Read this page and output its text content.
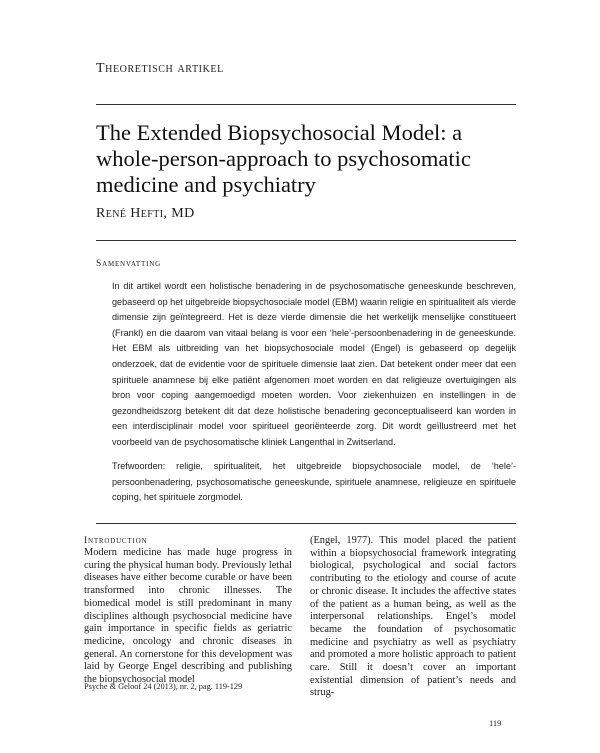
Theoretisch artikel
The Extended Biopsychosocial Model: a whole-person-approach to psychosomatic medicine and psychiatry
René Hefti, MD
Samenvatting

In dit artikel wordt een holistische benadering in de psychosomatische geneeskunde beschreven, gebaseerd op het uitgebreide biopsychosociale model (EBM) waarin religie en spiritualiteit als vierde dimensie zijn geïntegreerd. Het is deze vierde dimensie die het werkelijk menselijke constitueert (Frankl) en die daarom van vitaal belang is voor een ‘hele’-persoonbenadering in de geneeskunde. Het EBM als uitbreiding van het biopsychosociale model (Engel) is gebaseerd op degelijk onderzoek, dat de evidentie voor de spirituele dimensie laat zien. Dat betekent onder meer dat een spirituele anamnese bij elke patiënt afgenomen moet worden en dat religieuze overtuigingen als bron voor coping aangemoedigd moeten worden. Voor ziekenhuizen en instellingen in de gezondheidszorg betekent dit dat deze holistische benadering geconceptualiseerd kan worden in een interdisciplinair model voor spiritueel georiënteerde zorg. Dit wordt geïllustreerd met het voorbeeld van de psychosomatische kliniek Langenthal in Zwitserland.

Trefwoorden: religie, spiritualiteit, het uitgebreide biopsychosociale model, de ‘hele’-persoonbenadering, psychosomatische geneeskunde, spirituele anamnese, religieuze en spirituele coping, het spirituele zorgmodel.

Introduction

Modern medicine has made huge progress in curing the physical human body. Previously lethal diseases have either become curable or have been transformed into chronic illnesses. The biomedical model is still predominant in many disciplines although psychosocial medicine have gain importance in specific fields as geriatric medicine, oncology and chronic diseases in general. An cornerstone for this development was laid by George Engel describing and publishing the biopsychosocial model

(Engel, 1977). This model placed the patient within a biopsychosocial framework integrating biological, psychological and social factors contributing to the etiology and course of acute or chronic disease. It includes the affective states of the patient as a human being, as well as the interpersonal relationships. Engel’s model became the foundation of psychosomatic medicine and psychiatry as well as psychiatry and promoted a more holistic approach to patient care. Still it doesn’t cover an important existential dimension of patient’s needs and strug-

Psyche & Geloof 24 (2013), nr. 2, pag. 119-129
119
